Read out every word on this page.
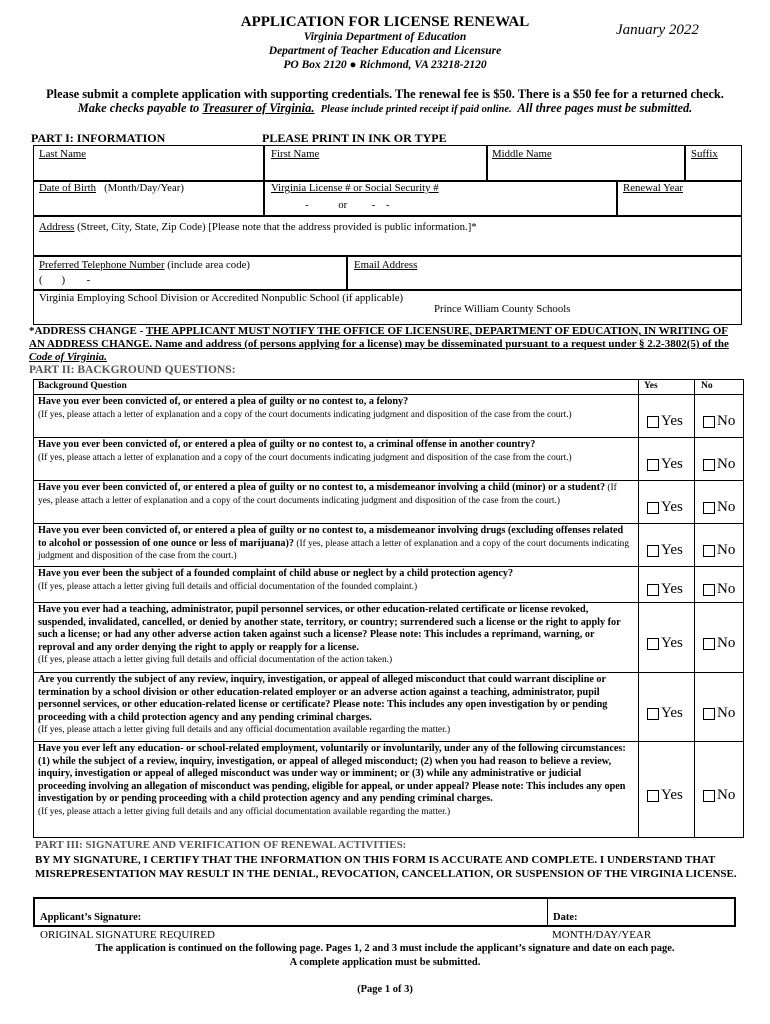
APPLICATION FOR LICENSE RENEWAL
Virginia Department of Education
Department of Teacher Education and Licensure
PO Box 2120 ● Richmond, VA 23218-2120
January 2022
Please submit a complete application with supporting credentials. The renewal fee is $50. There is a $50 fee for a returned check.
Make checks payable to Treasurer of Virginia. Please include printed receipt if paid online. All three pages must be submitted.
PART I: INFORMATION	PLEASE PRINT IN INK OR TYPE
Last Name	First Name	Middle Name	Suffix
Date of Birth (Month/Day/Year)	Virginia License # or Social Security #
-           or         -    -
Renewal Year
Address (Street, City, State, Zip Code) [Please note that the address provided is public information.]*
Preferred Telephone Number (include area code)
(       )        -
Email Address
Virginia Employing School Division or Accredited Nonpublic School (if applicable)
Prince William County Schools
*ADDRESS CHANGE - THE APPLICANT MUST NOTIFY THE OFFICE OF LICENSURE, DEPARTMENT OF EDUCATION, IN WRITING OF AN ADDRESS CHANGE. Name and address (of persons applying for a license) may be disseminated pursuant to a request under § 2.2-3802(5) of the Code of Virginia.
PART II: BACKGROUND QUESTIONS:
Background Question	Yes	No
Have you ever been convicted of, or entered a plea of guilty or no contest to, a felony?
(If yes, please attach a letter of explanation and a copy of the court documents indicating judgment and disposition of the case from the court.)	Yes No
Have you ever been convicted of, or entered a plea of guilty or no contest to, a criminal offense in another country?
(If yes, please attach a letter of explanation and a copy of the court documents indicating judgment and disposition of the case from the court.)	Yes No
Have you ever been convicted of, or entered a plea of guilty or no contest to, a misdemeanor involving a child (minor) or a student? (If yes, please attach a letter of explanation and a copy of the court documents indicating judgment and disposition of the case from the court.)	Yes No
Have you ever been convicted of, or entered a plea of guilty or no contest to, a misdemeanor involving drugs (excluding offenses related to alcohol or possession of one ounce or less of marijuana)? (If yes, please attach a letter of explanation and a copy of the court documents indicating judgment and disposition of the case from the court.)	Yes No
Have you ever been the subject of a founded complaint of child abuse or neglect by a child protection agency?
(If yes, please attach a letter giving full details and official documentation of the founded complaint.)	Yes No
Have you ever had a teaching, administrator, pupil personnel services, or other education-related certificate or license revoked, suspended, invalidated, cancelled, or denied by another state, territory, or country; surrendered such a license or the right to apply for such a license; or had any other adverse action taken against such a license? Please note: This includes a reprimand, warning, or reproval and any order denying the right to apply or reapply for a license.
(If yes, please attach a letter giving full details and official documentation of the action taken.)
Yes No
Are you currently the subject of any review, inquiry, investigation, or appeal of alleged misconduct that could warrant discipline or termination by a school division or other education-related employer or an adverse action against a teaching, administrator, pupil personnel services, or other education-related license or certificate? Please note: This includes any open investigation by or pending proceeding with a child protection agency and any pending criminal charges.
(If yes, please attach a letter giving full details and any official documentation available regarding the matter.)
Yes No
Have you ever left any education- or school-related employment, voluntarily or involuntarily, under any of the following circumstances: (1) while the subject of a review, inquiry, investigation, or appeal of alleged misconduct; (2) when you had reason to believe a review, inquiry, investigation or appeal of alleged misconduct was under way or imminent; or (3) while any administrative or judicial proceeding involving an allegation of misconduct was pending, eligible for appeal, or under appeal? Please note: This includes any open investigation by or pending proceeding with a child protection agency and any pending criminal charges.
(If yes, please attach a letter giving full details and any official documentation available regarding the matter.)
Yes No
PART III: SIGNATURE AND VERIFICATION OF RENEWAL ACTIVITIES:
BY MY SIGNATURE, I CERTIFY THAT THE INFORMATION ON THIS FORM IS ACCURATE AND COMPLETE. I UNDERSTAND THAT MISREPRESENTATION MAY RESULT IN THE DENIAL, REVOCATION, CANCELLATION, OR SUSPENSION OF THE VIRGINIA LICENSE.
Applicant’s Signature:	Date:
ORIGINAL SIGNATURE REQUIRED	MONTH/DAY/YEAR
The application is continued on the following page. Pages 1, 2 and 3 must include the applicant’s signature and date on each page.
A complete application must be submitted.
(Page 1 of 3)
